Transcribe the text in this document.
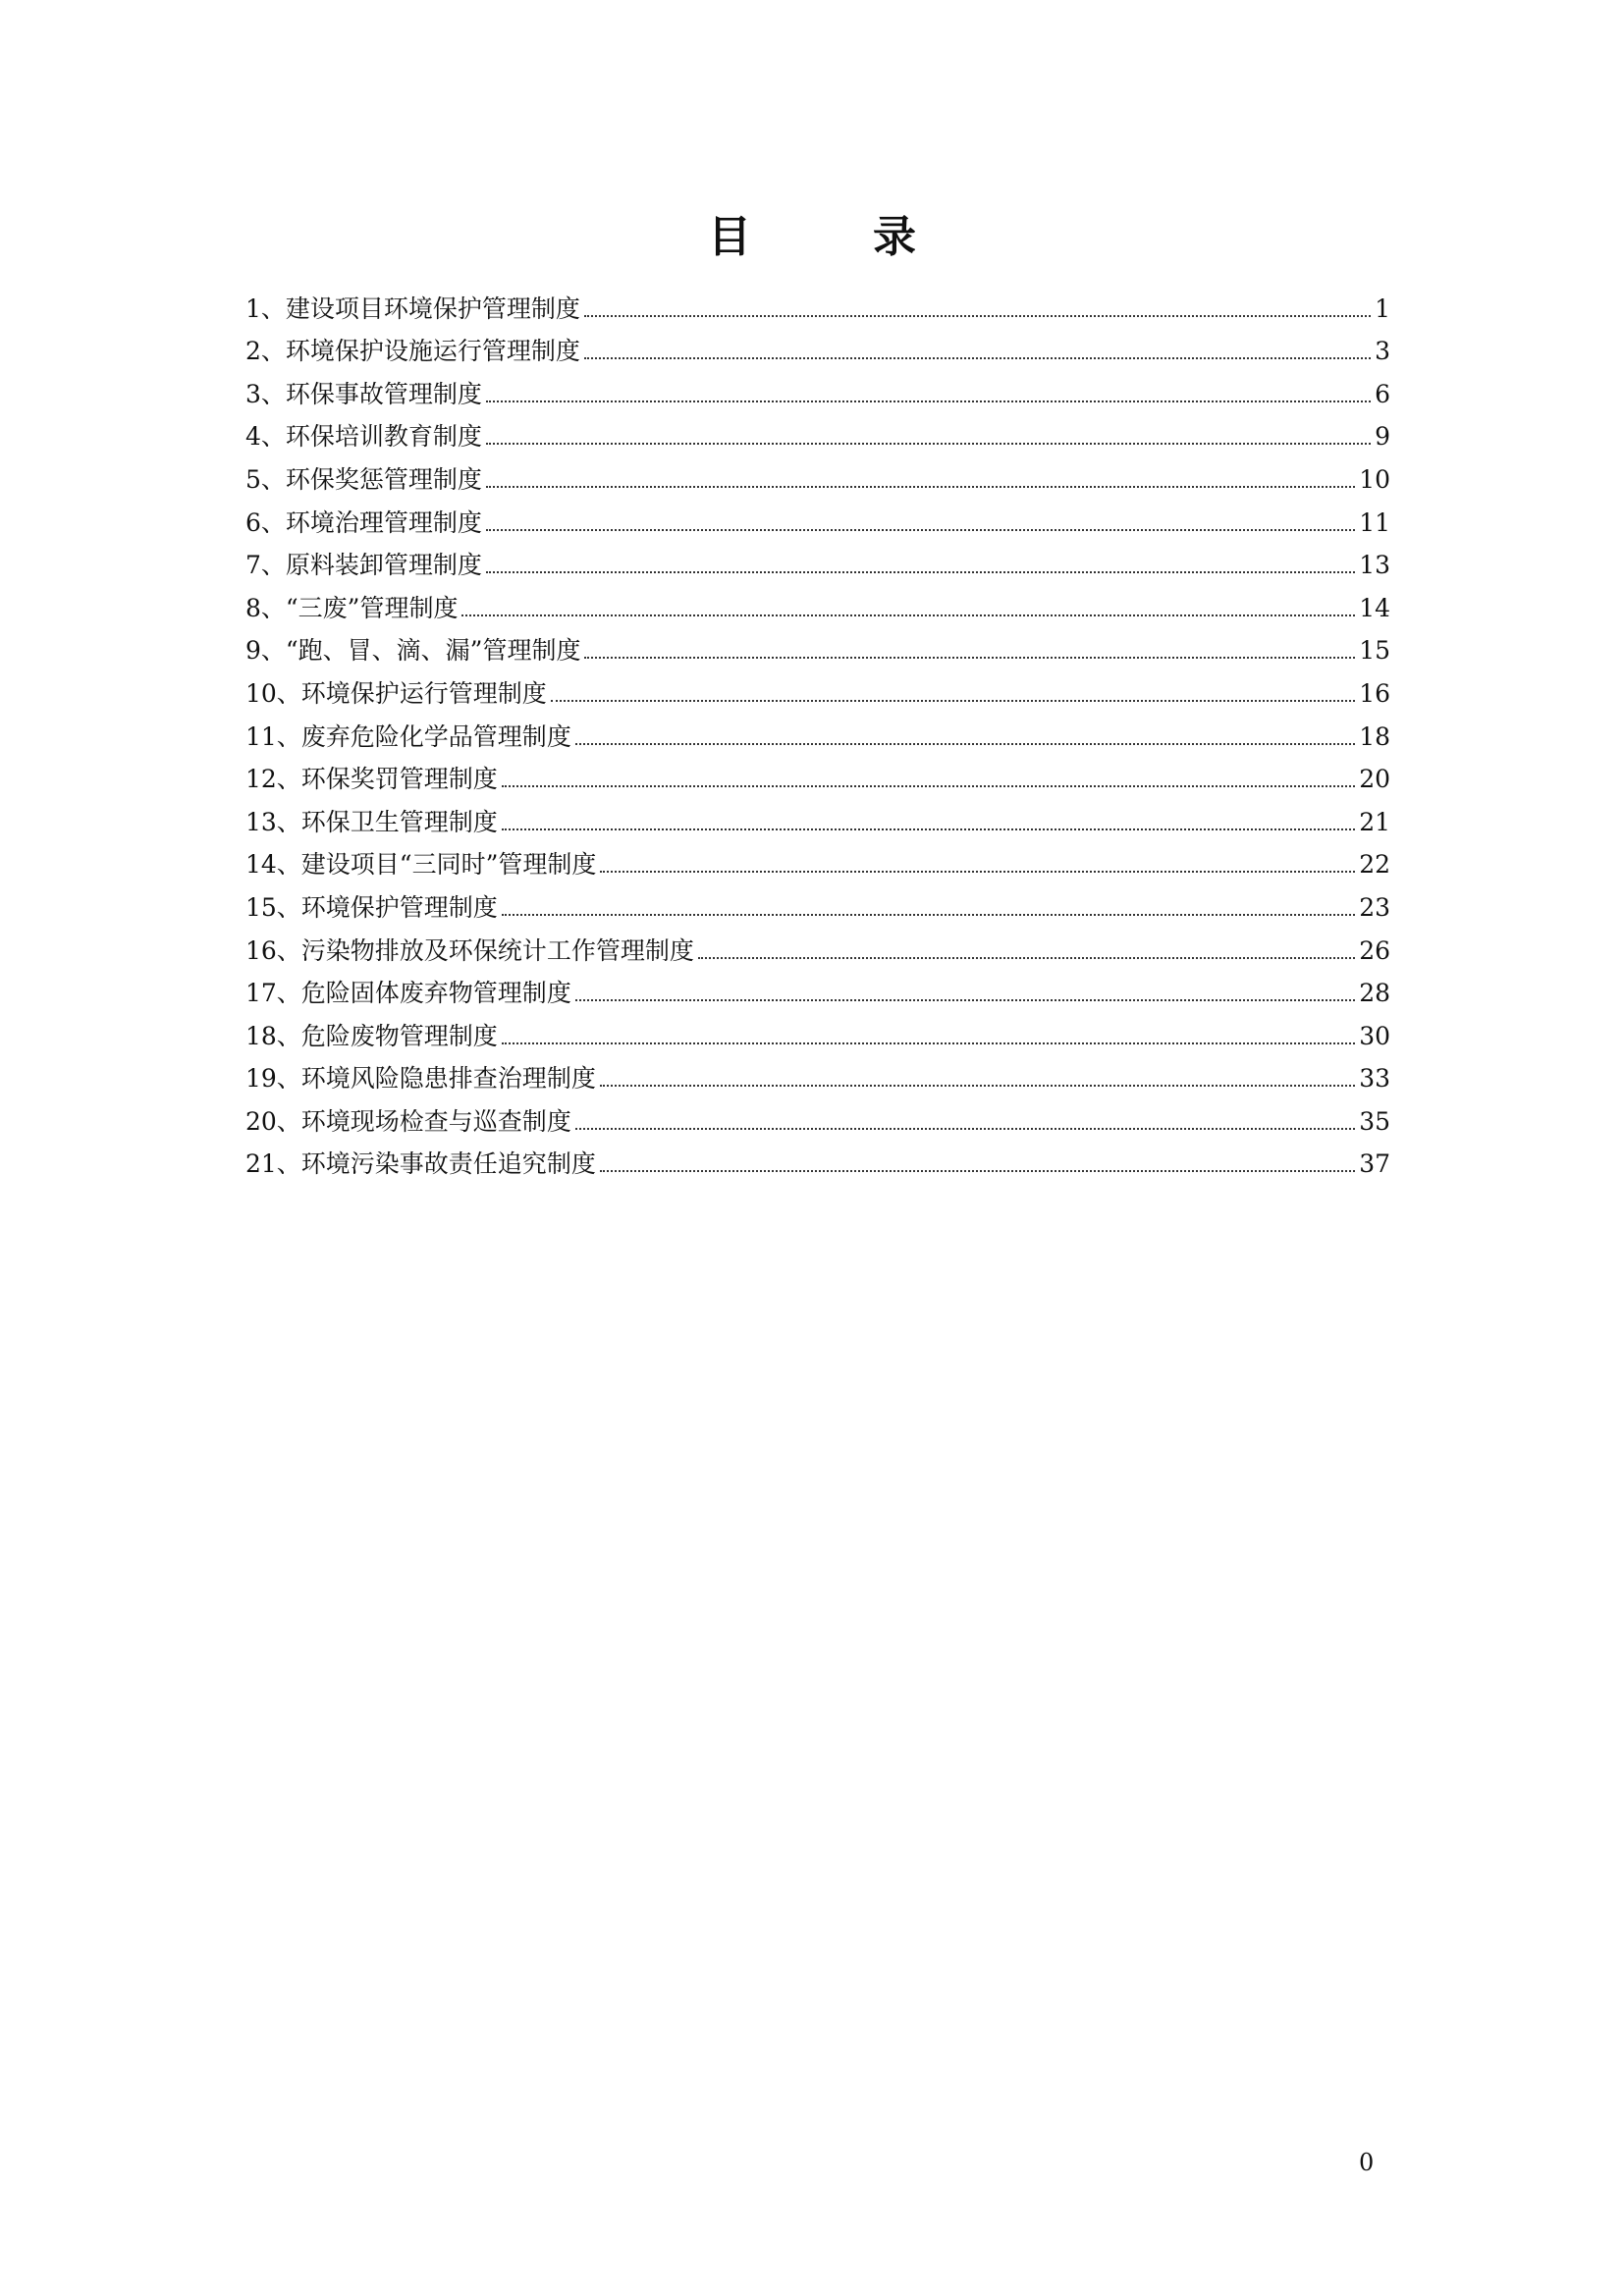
目　录
1、建设项目环境保护管理制度	1
2、环境保护设施运行管理制度	3
3、环保事故管理制度	6
4、环保培训教育制度	9
5、环保奖惩管理制度	10
6、环境治理管理制度	11
7、原料装卸管理制度	13
8、“三废”管理制度	14
9、“跑、冒、滴、漏”管理制度	15
10、环境保护运行管理制度	16
11、废弃危险化学品管理制度	18
12、环保奖罚管理制度	20
13、环保卫生管理制度	21
14、建设项目“三同时”管理制度	22
15、环境保护管理制度	23
16、污染物排放及环保统计工作管理制度	26
17、危险固体废弃物管理制度	28
18、危险废物管理制度	30
19、环境风险隐患排查治理制度	33
20、环境现场检查与巡查制度	35
21、环境污染事故责任追究制度	37
0
